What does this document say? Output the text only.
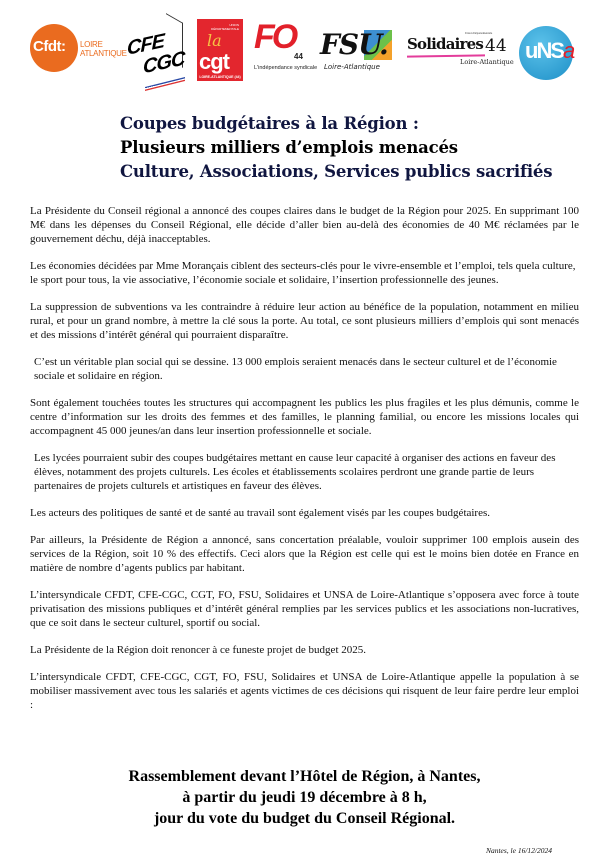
Cfdt: LOIRE
ATLANTIQUE CFE
CGC
UNION DÉPARTEMENTALE
la
cgt
LOIRE-ATLANTIQUE (44)
FO
44
L'indépendance syndicale
FSU.
Loire-Atlantique
Union Départementale
Solidaires 44
Loire-Atlantique uNSa
Coupes budgétaires à la Région :
Plusieurs milliers d’emplois menacés
Culture, Associations, Services publics sacrifiés

La Présidente du Conseil régional a annoncé des coupes claires dans le budget de la Région pour 2025. En supprimant 100 M€ dans les dépenses du Conseil Régional, elle décide d’aller bien au-delà des économies de 40 M€ réclamées par le gouvernement déchu, déjà inacceptables.

Les économies décidées par Mme Morançais ciblent des secteurs-clés pour le vivre-ensemble et l’emploi, tels quela culture, le sport pour tous, la vie associative, l’économie sociale et solidaire, l’insertion professionnelle des jeunes.

La suppression de subventions va les contraindre à réduire leur action au bénéfice de la population, notamment en milieu rural, et pour un grand nombre, à mettre la clé sous la porte. Au total, ce sont plusieurs milliers d’emplois qui sont menacés et des missions d’intérêt général qui pourraient disparaître.

C’est un véritable plan social qui se dessine. 13 000 emplois seraient menacés dans le secteur culturel et de l’économie sociale et solidaire en région.

Sont également touchées toutes les structures qui accompagnent les publics les plus fragiles et les plus démunis, comme le centre d’information sur les droits des femmes et des familles, le planning familial, ou encore les missions locales qui accompagnent 45 000 jeunes/an dans leur insertion professionnelle et sociale.

Les lycées pourraient subir des coupes budgétaires mettant en cause leur capacité à organiser des actions en faveur des élèves, notamment des projets culturels. Les écoles et établissements scolaires perdront une grande partie de leurs partenaires de projets culturels et artistiques en faveur des élèves.

Les acteurs des politiques de santé et de santé au travail sont également visés par les coupes budgétaires.

Par ailleurs, la Présidente de Région a annoncé, sans concertation préalable, vouloir supprimer 100 emplois ausein des services de la Région, soit 10 % des effectifs. Ceci alors que la Région est celle qui est le moins bien dotée en France en matière de nombre d’agents publics par habitant.

L’intersyndicale CFDT, CFE-CGC, CGT, FO, FSU, Solidaires et UNSA de Loire-Atlantique s’opposera avec force à toute privatisation des missions publiques et d’intérêt général remplies par les services publics et les associations non-lucratives, que ce soit dans le secteur culturel, sportif ou social.

La Présidente de la Région doit renoncer à ce funeste projet de budget 2025.

L’intersyndicale CFDT, CFE-CGC, CGT, FO, FSU, Solidaires et UNSA de Loire-Atlantique appelle la population à se mobiliser massivement avec tous les salariés et agents victimes de ces décisions qui risquent de leur faire perdre leur emploi :

Rassemblement devant l’Hôtel de Région, à Nantes,
à partir du jeudi 19 décembre à 8 h,
jour du vote du budget du Conseil Régional.
Nantes, le 16/12/2024
